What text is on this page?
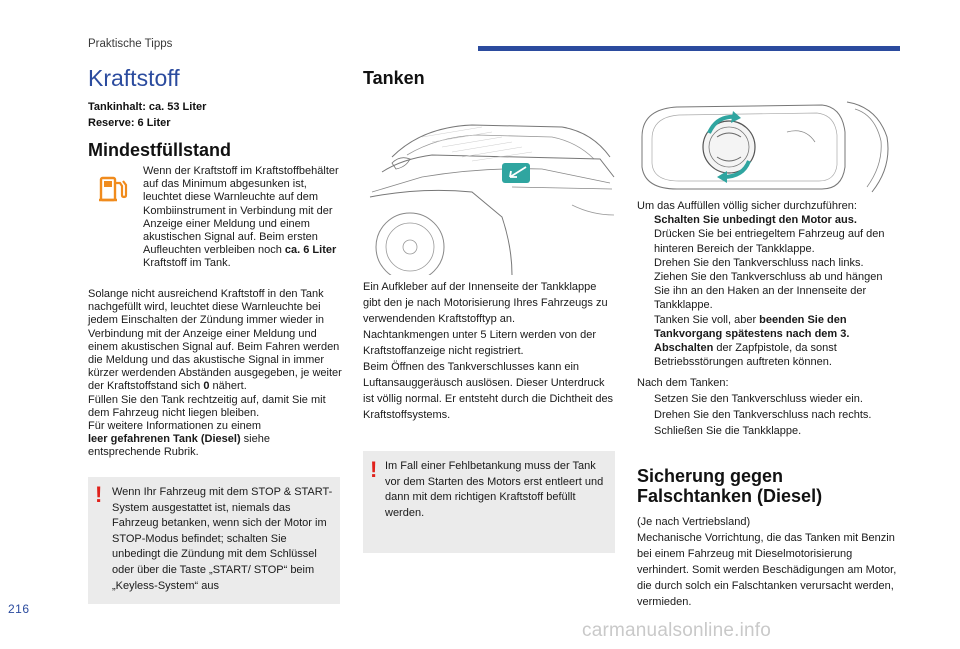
Praktische Tipps
Kraftstoff
Tankinhalt: ca. 53 Liter
Reserve: 6 Liter
Mindestfüllstand
Wenn der Kraftstoff im Kraftstoffbehälter auf das Minimum abgesunken ist, leuchtet diese Warnleuchte auf dem Kombiinstrument in Verbindung mit der Anzeige einer Meldung und einem akustischen Signal auf. Beim ersten Aufleuchten verbleiben noch ca. 6 Liter Kraftstoff im Tank.
Solange nicht ausreichend Kraftstoff in den Tank nachgefüllt wird, leuchtet diese Warnleuchte bei jedem Einschalten der Zündung immer wieder in Verbindung mit der Anzeige einer Meldung und einem akustischen Signal auf. Beim Fahren werden die Meldung und das akustische Signal in immer kürzer werdenden Abständen ausgegeben, je weiter der Kraftstoffstand sich 0 nähert.
Füllen Sie den Tank rechtzeitig auf, damit Sie mit dem Fahrzeug nicht liegen bleiben.
Für weitere Informationen zu einem
leer gefahrenen Tank (Diesel) siehe entsprechende Rubrik.
! Wenn Ihr Fahrzeug mit dem STOP & START-System ausgestattet ist, niemals das Fahrzeug betanken, wenn sich der Motor im STOP-Modus befindet; schalten Sie unbedingt die Zündung mit dem Schlüssel oder über die Taste „START/ STOP“ beim „Keyless-System“ aus
Tanken
Ein Aufkleber auf der Innenseite der Tankklappe gibt den je nach Motorisierung Ihres Fahrzeugs zu verwendenden Kraftstofftyp an.
Nachtankmengen unter 5 Litern werden von der Kraftstoffanzeige nicht registriert.
Beim Öffnen des Tankverschlusses kann ein Luftansauggeräusch auslösen. Dieser Unterdruck ist völlig normal. Er entsteht durch die Dichtheit des Kraftstoffsystems.
! Im Fall einer Fehlbetankung muss der Tank vor dem Starten des Motors erst entleert und dann mit dem richtigen Kraftstoff befüllt werden.
Um das Auffüllen völlig sicher durchzuführen:
Schalten Sie unbedingt den Motor aus.
Drücken Sie bei entriegeltem Fahrzeug auf den hinteren Bereich der Tankklappe.
Drehen Sie den Tankverschluss nach links.
Ziehen Sie den Tankverschluss ab und hängen Sie ihn an den Haken an der Innenseite der Tankklappe.
Tanken Sie voll, aber beenden Sie den Tankvorgang spätestens nach dem 3. Abschalten der Zapfpistole, da sonst Betriebsstörungen auftreten können.
Nach dem Tanken:
Setzen Sie den Tankverschluss wieder ein.
Drehen Sie den Tankverschluss nach rechts.
Schließen Sie die Tankklappe.
Sicherung gegen
Falschtanken (Diesel)
(Je nach Vertriebsland)
Mechanische Vorrichtung, die das Tanken mit Benzin bei einem Fahrzeug mit Dieselmotorisierung verhindert. Somit werden Beschädigungen am Motor, die durch solch ein Falschtanken verursacht werden, vermieden.
216
carmanualsonline.info
